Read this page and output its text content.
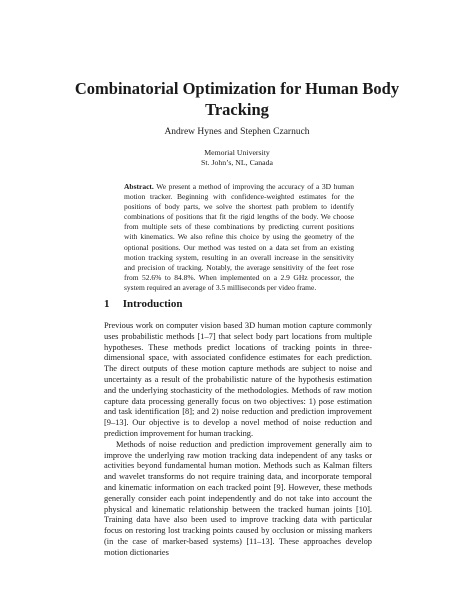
Combinatorial Optimization for Human Body Tracking
Andrew Hynes and Stephen Czarnuch
Memorial University
St. John’s, NL, Canada
Abstract. We present a method of improving the accuracy of a 3D human motion tracker. Beginning with confidence-weighted estimates for the positions of body parts, we solve the shortest path problem to identify combinations of positions that fit the rigid lengths of the body. We choose from multiple sets of these combinations by predicting current positions with kinematics. We also refine this choice by using the geometry of the optional positions. Our method was tested on a data set from an existing motion tracking system, resulting in an overall increase in the sensitivity and precision of tracking. Notably, the average sensitivity of the feet rose from 52.6% to 84.8%. When implemented on a 2.9 GHz processor, the system required an average of 3.5 milliseconds per video frame.
1 Introduction

Previous work on computer vision based 3D human motion capture commonly uses probabilistic methods [1–7] that select body part locations from multiple hypotheses. These methods predict locations of tracking points in three-dimensional space, with associated confidence estimates for each prediction. The direct outputs of these motion capture methods are subject to noise and uncertainty as a result of the probabilistic nature of the hypothesis estimation and the underlying stochasticity of the methodologies. Methods of raw motion capture data processing generally focus on two objectives: 1) pose estimation and task identification [8]; and 2) noise reduction and prediction improvement [9–13]. Our objective is to develop a novel method of noise reduction and prediction improvement for human tracking.

Methods of noise reduction and prediction improvement generally aim to improve the underlying raw motion tracking data independent of any tasks or activities beyond fundamental human motion. Methods such as Kalman filters and wavelet transforms do not require training data, and incorporate temporal and kinematic information on each tracked point [9]. However, these methods generally consider each point independently and do not take into account the physical and kinematic relationship between the tracked human joints [10]. Training data have also been used to improve tracking data with particular focus on restoring lost tracking points caused by occlusion or missing markers (in the case of marker-based systems) [11–13]. These approaches develop motion dictionaries
